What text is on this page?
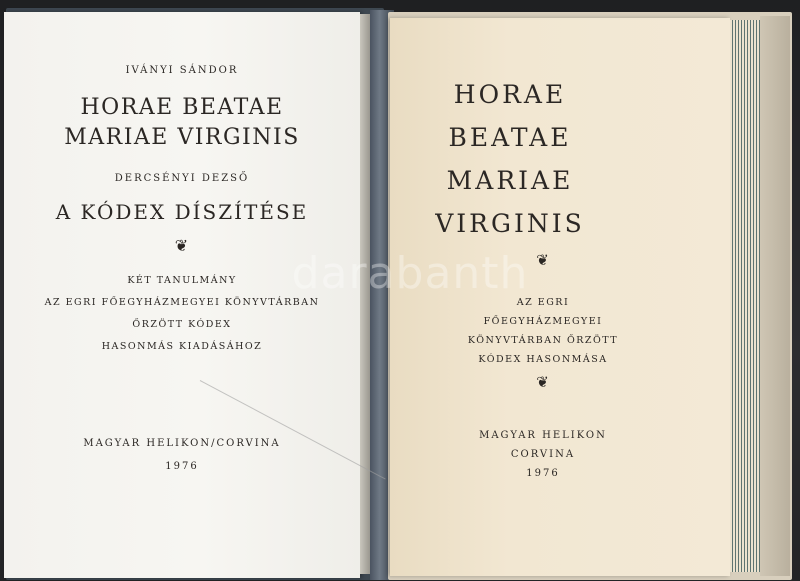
IVÁNYI SÁNDOR
HORAE BEATAE
MARIAE VIRGINIS
DERCSÉNYI DEZSŐ
A KÓDEX DÍSZÍTÉSE
❦
KÉT TANULMÁNY
AZ EGRI FŐEGYHÁZMEGYEI KÖNYVTÁRBAN
ŐRZÖTT KÓDEX
HASONMÁS KIADÁSÁHOZ
MAGYAR HELIKON/CORVINA
1976
HORAE
BEATAE
MARIAE
VIRGINIS
❦
AZ EGRI
FŐEGYHÁZMEGYEI
KÖNYVTÁRBAN ŐRZÖTT
KÓDEX HASONMÁSA
❦
MAGYAR HELIKON
CORVINA
1976
darabanth
